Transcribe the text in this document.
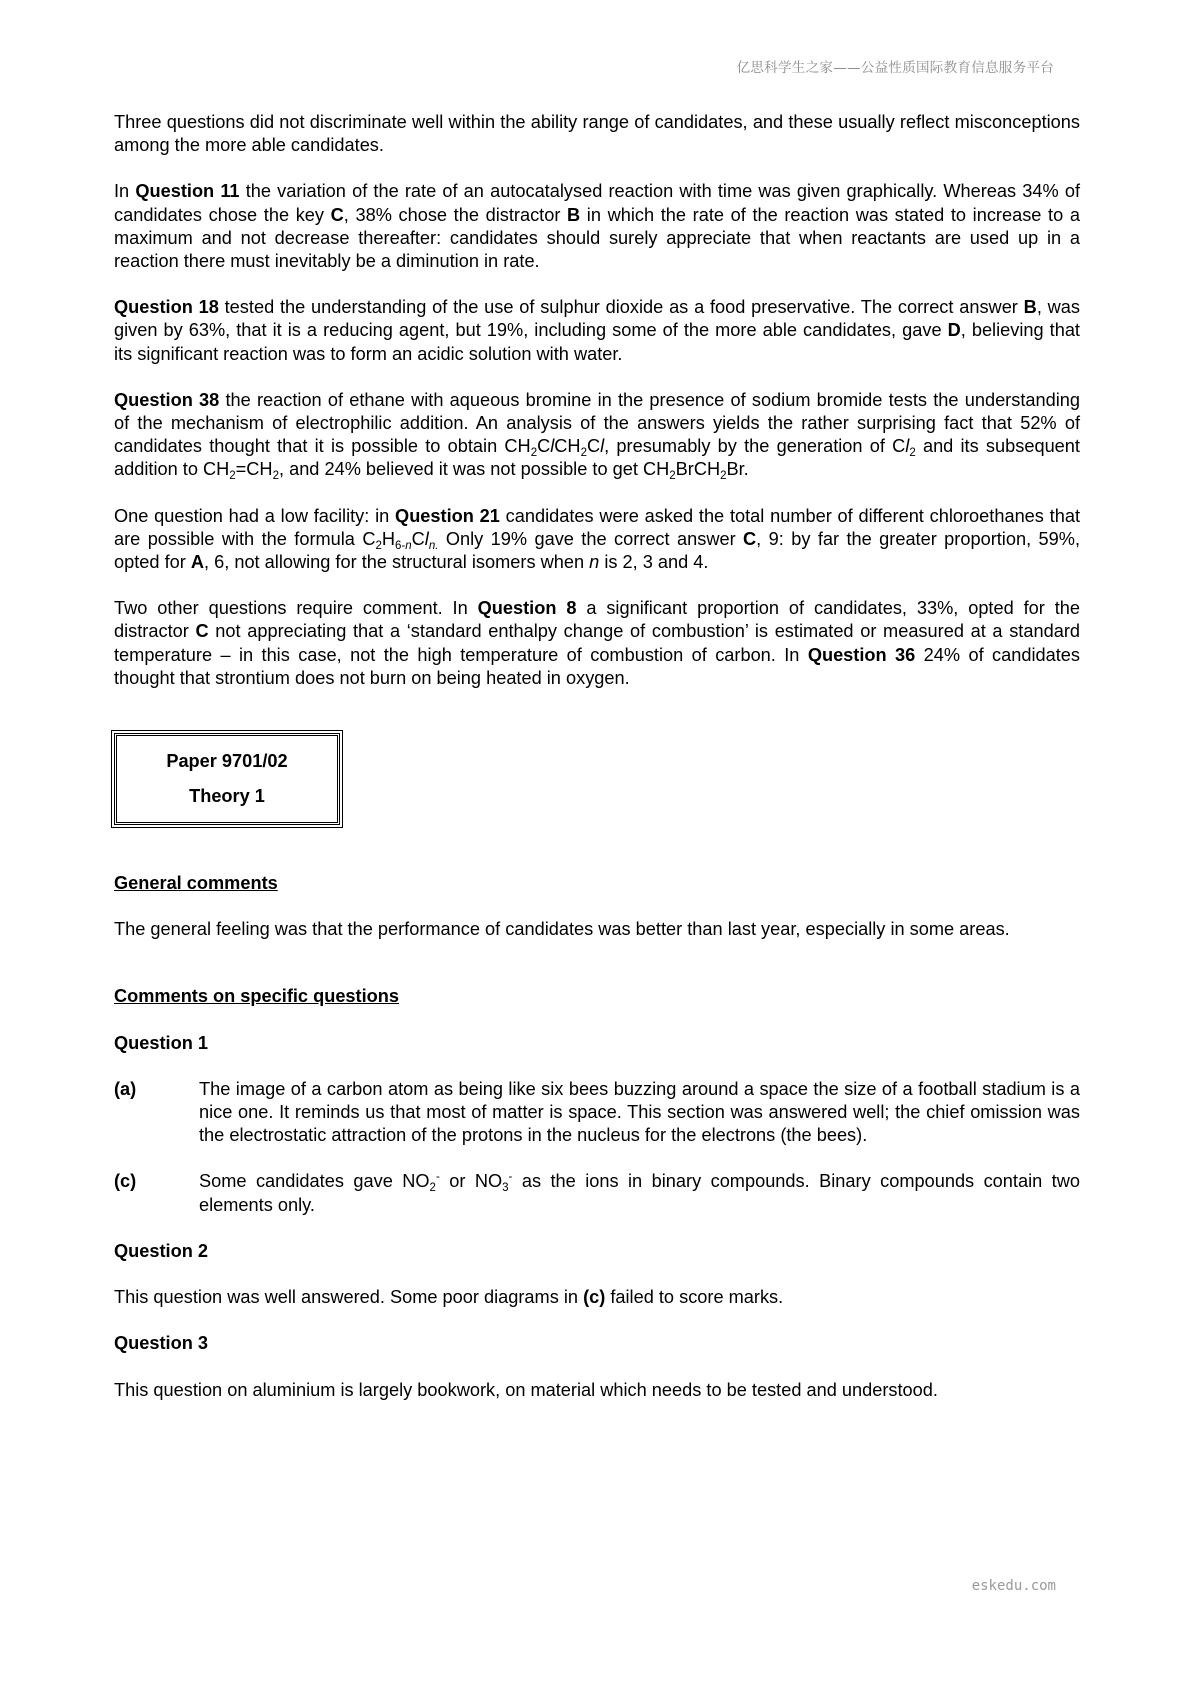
亿思科学生之家——公益性质国际教育信息服务平台

Three questions did not discriminate well within the ability range of candidates, and these usually reflect misconceptions among the more able candidates.

In Question 11 the variation of the rate of an autocatalysed reaction with time was given graphically. Whereas 34% of candidates chose the key C, 38% chose the distractor B in which the rate of the reaction was stated to increase to a maximum and not decrease thereafter: candidates should surely appreciate that when reactants are used up in a reaction there must inevitably be a diminution in rate.

Question 18 tested the understanding of the use of sulphur dioxide as a food preservative. The correct answer B, was given by 63%, that it is a reducing agent, but 19%, including some of the more able candidates, gave D, believing that its significant reaction was to form an acidic solution with water.

Question 38 the reaction of ethane with aqueous bromine in the presence of sodium bromide tests the understanding of the mechanism of electrophilic addition. An analysis of the answers yields the rather surprising fact that 52% of candidates thought that it is possible to obtain $CH_2ClCH_2Cl$, presumably by the generation of $Cl_2$ and its subsequent addition to $CH_2=CH_2$, and 24% believed it was not possible to get $CH_2BrCH_2Br$.

One question had a low facility: in Question 21 candidates were asked the total number of different chloroethanes that are possible with the formula $C_2H_{6-n}Cl_{n.}$ Only 19% gave the correct answer C, 9: by far the greater proportion, 59%, opted for A, 6, not allowing for the structural isomers when n is 2, 3 and 4.

Two other questions require comment. In Question 8 a significant proportion of candidates, 33%, opted for the distractor C not appreciating that a ‘standard enthalpy change of combustion’ is estimated or measured at a standard temperature – in this case, not the high temperature of combustion of carbon. In Question 36 24% of candidates thought that strontium does not burn on being heated in oxygen.

Paper 9701/02
Theory 1
General comments

The general feeling was that the performance of candidates was better than last year, especially in some areas.

Comments on specific questions
Question 1
(a)	The image of a carbon atom as being like six bees buzzing around a space the size of a football stadium is a nice one. It reminds us that most of matter is space. This section was answered well; the chief omission was the electrostatic attraction of the protons in the nucleus for the electrons (the bees).
(c)	Some candidates gave $NO_2^-$ or $NO_3^-$ as the ions in binary compounds. Binary compounds contain two elements only.
Question 2

This question was well answered. Some poor diagrams in (c) failed to score marks.

Question 3

This question on aluminium is largely bookwork, on material which needs to be tested and understood.

eskedu.com
